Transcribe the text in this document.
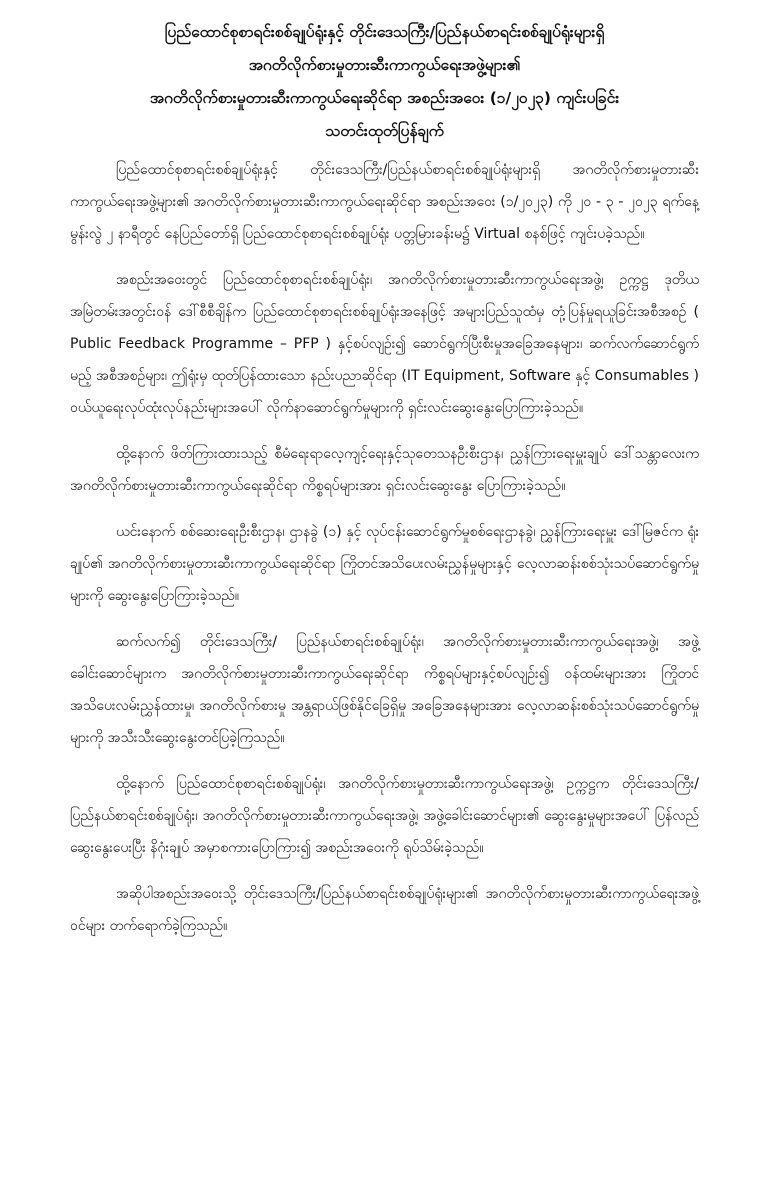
ပြည်ထောင်စုစာရင်းစစ်ချုပ်ရုံးနှင့် တိုင်းဒေသကြီး/ပြည်နယ်စာရင်းစစ်ချုပ်ရုံးများရှိ
အဂတိလိုက်စားမှုတားဆီးကာကွယ်ရေးအဖွဲ့များ၏
အဂတိလိုက်စားမှုတားဆီးကာကွယ်ရေးဆိုင်ရာ အစည်းအဝေး (၁/၂၀၂၃) ကျင်းပခြင်း
သတင်းထုတ်ပြန်ချက်

ပြည်ထောင်စုစာရင်းစစ်ချုပ်ရုံးနှင့် တိုင်းဒေသကြီး/ပြည်နယ်စာရင်းစစ်ချုပ်ရုံးများရှိ အဂတိလိုက်စားမှုတားဆီးကာကွယ်ရေးအဖွဲ့များ၏ အဂတိလိုက်စားမှုတားဆီးကာကွယ်ရေးဆိုင်ရာ အစည်းအဝေး (၁/၂၀၂၃) ကို ၂၀ - ၃ - ၂၀၂၃ ရက်နေ့ မွန်းလွဲ ၂ နာရီတွင် နေပြည်တော်ရှိ ပြည်ထောင်စုစာရင်းစစ်ချုပ်ရုံး ပတ္တမြားခန်းမ၌ Virtual စနစ်ဖြင့် ကျင်းပခဲ့သည်။

အစည်းအဝေးတွင် ပြည်ထောင်စုစာရင်းစစ်ချုပ်ရုံး၊ အဂတိလိုက်စားမှုတားဆီးကာကွယ်ရေးအဖွဲ့၊ ဥက္ကဋ္ဌ ဒုတိယအမြဲတမ်းအတွင်းဝန် ဒေါ်စီစီချိန်က ပြည်ထောင်စုစာရင်းစစ်ချုပ်ရုံးအနေဖြင့် အများပြည်သူထံမှ တုံ့ပြန်မှုရယူခြင်းအစီအစဉ် ( Public Feedback Programme – PFP ) နှင့်စပ်လျဉ်း၍ ဆောင်ရွက်ပြီးစီးမှုအခြေအနေများ၊ ဆက်လက်ဆောင်ရွက်မည့် အစီအစဉ်များ၊ ဤရုံးမှ ထုတ်ပြန်ထားသော နည်းပညာဆိုင်ရာ (IT Equipment, Software နှင့် Consumables ) ဝယ်ယူရေးလုပ်ထုံးလုပ်နည်းများအပေါ် လိုက်နာဆောင်ရွက်မှုများကို ရှင်းလင်းဆွေးနွေးပြောကြားခဲ့သည်။

ထို့နောက် ဖိတ်ကြားထားသည့် စီမံရေးရာလေ့ကျင့်ရေးနှင့်သုတေသနဦးစီးဌာန၊ ညွှန်ကြားရေးမှူးချုပ် ဒေါ်သန္တာလေးက အဂတိလိုက်စားမှုတားဆီးကာကွယ်ရေးဆိုင်ရာ ကိစ္စရပ်များအား ရှင်းလင်းဆွေးနွေး ပြောကြားခဲ့သည်။

ယင်းနောက် စစ်ဆေးရေးဦးစီးဌာန၊ ဌာနခွဲ (၁) နှင့် လုပ်ငန်းဆောင်ရွက်မှုစစ်ရေးဌာနခွဲ၊ ညွှန်ကြားရေးမှူး ဒေါ်မြဇင်က ရုံးချုပ်၏ အဂတိလိုက်စားမှုတားဆီးကာကွယ်ရေးဆိုင်ရာ ကြိုတင်အသိပေးလမ်းညွှန်မှုများနှင့် လေ့လာဆန်းစစ်သုံးသပ်ဆောင်ရွက်မှုများကို ဆွေးနွေးပြောကြားခဲ့သည်။

ဆက်လက်၍ တိုင်းဒေသကြီး/ ပြည်နယ်စာရင်းစစ်ချုပ်ရုံး၊ အဂတိလိုက်စားမှုတားဆီးကာကွယ်ရေးအဖွဲ့၊ အဖွဲ့ခေါင်းဆောင်များက အဂတိလိုက်စားမှုတားဆီးကာကွယ်ရေးဆိုင်ရာ ကိစ္စရပ်များနှင့်စပ်လျဉ်း၍ ဝန်ထမ်းများအား ကြိုတင်အသိပေးလမ်းညွှန်ထားမှု၊ အဂတိလိုက်စားမှု အန္တရာယ်ဖြစ်နိုင်ခြေရှိမှု အခြေအနေများအား လေ့လာဆန်းစစ်သုံးသပ်ဆောင်ရွက်မှုများကို အသီးသီးဆွေးနွေးတင်ပြခဲ့ကြသည်။

ထို့နောက် ပြည်ထောင်စုစာရင်းစစ်ချုပ်ရုံး၊ အဂတိလိုက်စားမှုတားဆီးကာကွယ်ရေးအဖွဲ့၊ ဥက္ကဋ္ဌက တိုင်းဒေသကြီး/ပြည်နယ်စာရင်းစစ်ချုပ်ရုံး၊ အဂတိလိုက်စားမှုတားဆီးကာကွယ်ရေးအဖွဲ့၊ အဖွဲ့ခေါင်းဆောင်များ၏ ဆွေးနွေးမှုများအပေါ် ပြန်လည်ဆွေးနွေးပေးပြီး နိဂုံးချုပ် အမှာစကားပြောကြား၍ အစည်းအဝေးကို ရုပ်သိမ်းခဲ့သည်။

အဆိုပါအစည်းအဝေးသို့ တိုင်းဒေသကြီး/ပြည်နယ်စာရင်းစစ်ချုပ်ရုံးများ၏ အဂတိလိုက်စားမှုတားဆီးကာကွယ်ရေးအဖွဲ့ဝင်များ တက်ရောက်ခဲ့ကြသည်။
